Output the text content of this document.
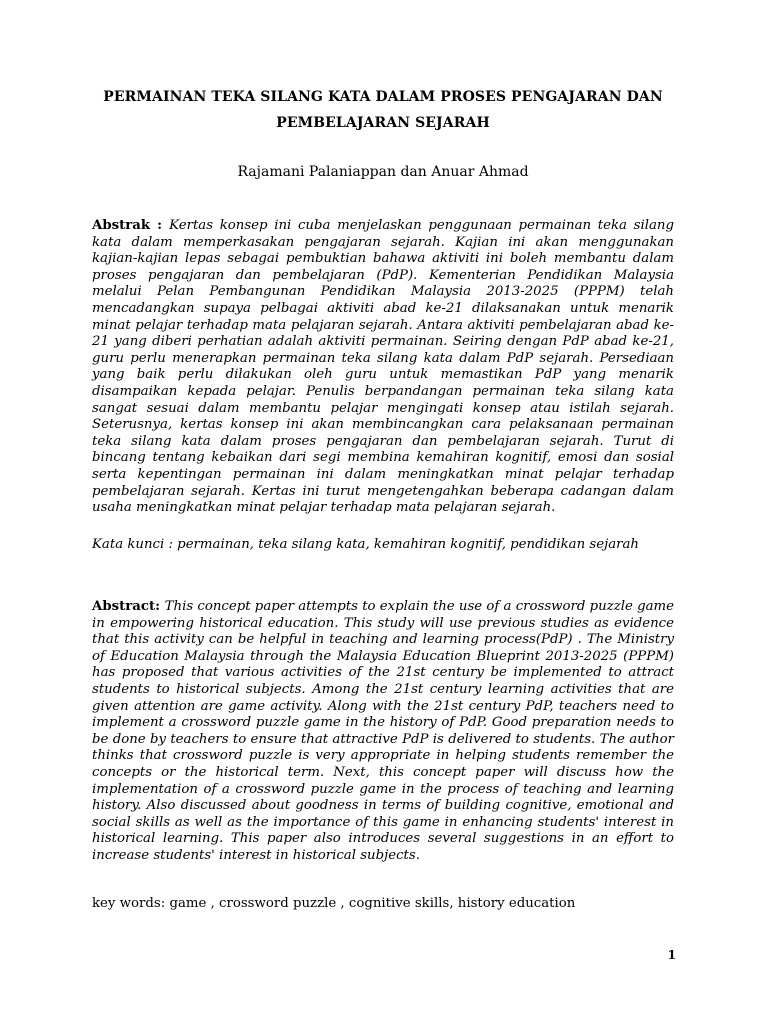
PERMAINAN TEKA SILANG KATA DALAM PROSES PENGAJARAN DAN PEMBELAJARAN SEJARAH
Rajamani Palaniappan dan Anuar Ahmad
Abstrak : Kertas konsep ini cuba menjelaskan penggunaan permainan teka silang kata dalam memperkasakan pengajaran sejarah. Kajian ini akan menggunakan kajian-kajian lepas sebagai pembuktian bahawa aktiviti ini boleh membantu dalam proses pengajaran dan pembelajaran (PdP). Kementerian Pendidikan Malaysia melalui Pelan Pembangunan Pendidikan Malaysia 2013-2025 (PPPM) telah mencadangkan supaya pelbagai aktiviti abad ke-21 dilaksanakan untuk menarik minat pelajar terhadap mata pelajaran sejarah. Antara aktiviti pembelajaran abad ke-21 yang diberi perhatian adalah aktiviti permainan. Seiring dengan PdP abad ke-21, guru perlu menerapkan permainan teka silang kata dalam PdP sejarah. Persediaan yang baik perlu dilakukan oleh guru untuk memastikan PdP yang menarik disampaikan kepada pelajar. Penulis berpandangan permainan teka silang kata sangat sesuai dalam membantu pelajar mengingati konsep atau istilah sejarah. Seterusnya, kertas konsep ini akan membincangkan cara pelaksanaan permainan teka silang kata dalam proses pengajaran dan pembelajaran sejarah. Turut di bincang tentang kebaikan dari segi membina kemahiran kognitif, emosi dan sosial serta kepentingan permainan ini dalam meningkatkan minat pelajar terhadap pembelajaran sejarah. Kertas ini turut mengetengahkan beberapa cadangan dalam usaha meningkatkan minat pelajar terhadap mata pelajaran sejarah.
Kata kunci : permainan, teka silang kata, kemahiran kognitif, pendidikan sejarah
Abstract: This concept paper attempts to explain the use of a crossword puzzle game in empowering historical education. This study will use previous studies as evidence that this activity can be helpful in teaching and learning process(PdP) . The Ministry of Education Malaysia through the Malaysia Education Blueprint 2013-2025 (PPPM) has proposed that various activities of the 21st century be implemented to attract students to historical subjects. Among the 21st century learning activities that are given attention are game activity. Along with the 21st century PdP, teachers need to implement a crossword puzzle game in the history of PdP. Good preparation needs to be done by teachers to ensure that attractive PdP is delivered to students. The author thinks that crossword puzzle is very appropriate in helping students remember the concepts or the historical term. Next, this concept paper will discuss how the implementation of a crossword puzzle game in the process of teaching and learning history. Also discussed about goodness in terms of building cognitive, emotional and social skills as well as the importance of this game in enhancing students' interest in historical learning. This paper also introduces several suggestions in an effort to increase students' interest in historical subjects.
key words: game , crossword puzzle , cognitive skills, history education
1
